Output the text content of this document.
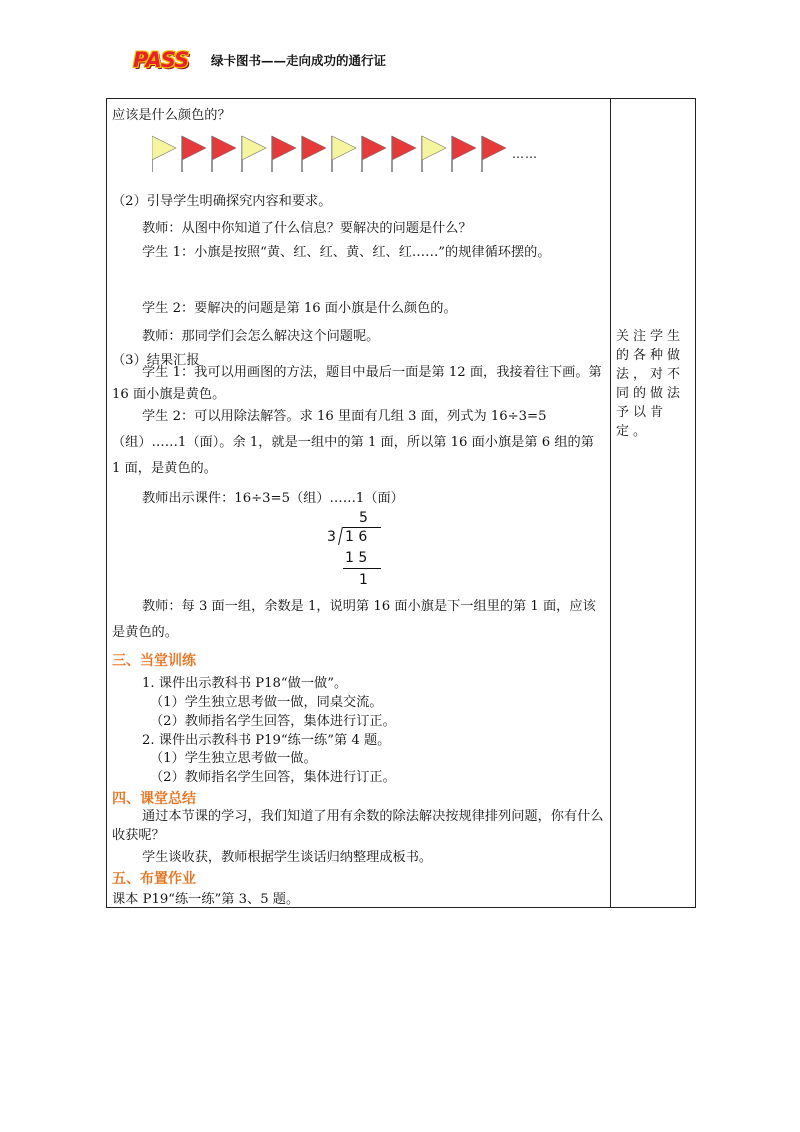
PASS 绿卡图书——走向成功的通行证
应该是什么颜色的？
……
（2）引导学生明确探究内容和要求。
教师：从图中你知道了什么信息？要解决的问题是什么？
学生 1：小旗是按照“黄、红、红、黄、红、红……”的规律循环摆的。
学生 2：要解决的问题是第 16 面小旗是什么颜色的。
教师：那同学们会怎么解决这个问题呢。
（3）结果汇报
学生 1：我可以用画图的方法，题目中最后一面是第 12 面，我接着往下画。第 16 面小旗是黄色。
学生 2：可以用除法解答。求 16 里面有几组 3 面，列式为 16÷3=5（组）……1（面）。余 1，就是一组中的第 1 面，所以第 16 面小旗是第 6 组的第 1 面，是黄色的。
教师出示课件：16÷3=5（组）……1（面）
5
3 1 6
1 5
1
教师：每 3 面一组，余数是 1，说明第 16 面小旗是下一组里的第 1 面，应该是黄色的。
三、当堂训练
1. 课件出示教科书 P18“做一做”。
（1）学生独立思考做一做，同桌交流。
（2）教师指名学生回答，集体进行订正。
2. 课件出示教科书 P19“练一练”第 4 题。
（1）学生独立思考做一做。
（2）教师指名学生回答，集体进行订正。
四、课堂总结
通过本节课的学习，我们知道了用有余数的除法解决按规律排列问题，你有什么收获呢？
学生谈收获，教师根据学生谈话归纳整理成板书。
五、布置作业
课本 P19“练一练”第 3、5 题。
关注学生的各种做法，对不同的做法予以肯定。
